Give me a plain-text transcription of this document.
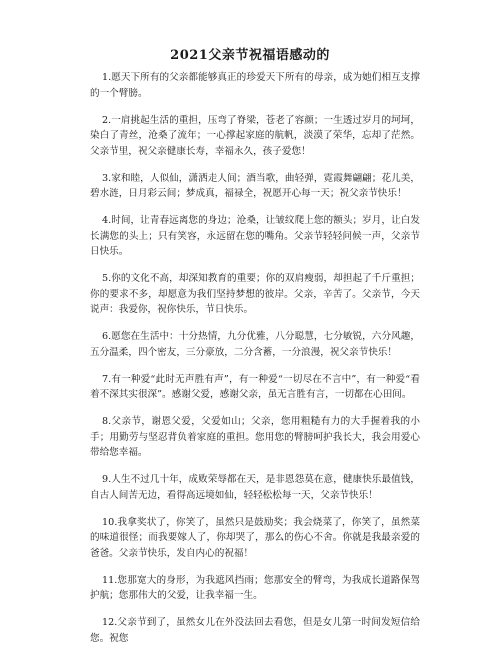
2021父亲节祝福语感动的

1.愿天下所有的父亲都能够真正的珍爱天下所有的母亲，成为她们相互支撑的一个臂膀。

2.一肩挑起生活的重担，压弯了脊梁，苍老了容颜；一生透过岁月的坷坷，染白了青丝，沧桑了流年；一心撑起家庭的航帆，淡漠了荣华，忘却了茫然。父亲节里，祝父亲健康长寿，幸福永久，孩子爱您！

3.家和睦，人似仙，潇洒走人间；酒当歌，曲轻弹，霓霞舞翩翩；花儿美，碧水涟，日月彩云间；梦成真，福禄全，祝愿开心每一天；祝父亲节快乐！

4.时间，让青春远离您的身边；沧桑，让皱纹爬上您的额头；岁月，让白发长满您的头上；只有笑容，永远留在您的嘴角。父亲节轻轻问候一声，父亲节日快乐。

5.你的文化不高，却深知教育的重要；你的双肩瘦弱，却担起了千斤重担；你的要求不多，却愿意为我们坚持梦想的彼岸。父亲，辛苦了。父亲节，今天说声：我爱你，祝你快乐，节日快乐。

6.愿您在生活中：十分热情，九分优雅，八分聪慧，七分敏锐，六分风趣，五分温柔，四个密友，三分豪放，二分含蓄，一分浪漫，祝父亲节快乐！

7.有一种爱“此时无声胜有声”，有一种爱“一切尽在不言中”，有一种爱“看着不深其实很深”。感谢父爱，感谢父亲，虽无言胜有言，一切都在心田间。

8.父亲节，谢恩父爱，父爱如山；父亲，您用粗糙有力的大手握着我的小手；用勤劳与坚忍背负着家庭的重担。您用您的臂膀呵护我长大，我会用爱心带给您幸福。

9.人生不过几十年，成败荣辱都在天，是非恩怨莫在意，健康快乐最值钱，自古人间苦无边，看得高远境如仙，轻轻松松每一天，父亲节快乐！

10.我拿奖状了，你笑了，虽然只是鼓励奖；我会烧菜了，你笑了，虽然菜的味道很怪；而我要嫁人了，你却哭了，那么的伤心不舍。你就是我最亲爱的爸爸。父亲节快乐，发自内心的祝福！

11.您那宽大的身形，为我遮风挡雨；您那安全的臂弯，为我成长道路保驾护航；您那伟大的父爱，让我幸福一生。

12.父亲节到了，虽然女儿在外没法回去看您，但是女儿第一时间发短信给您。祝您
